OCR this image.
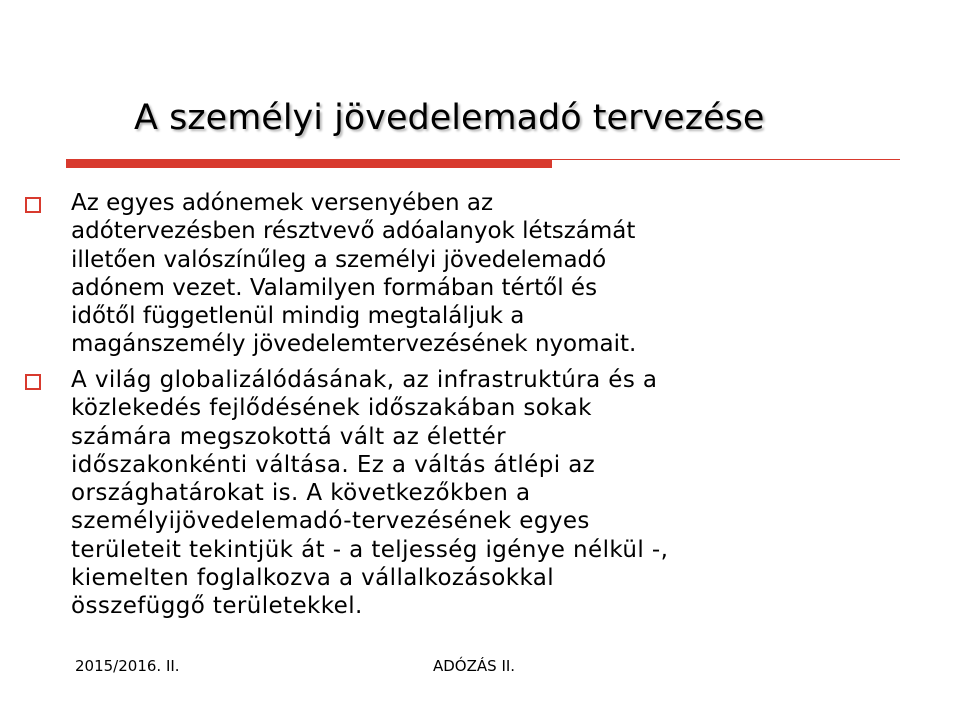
A személyi jövedelemadó tervezése

Az egyes adónemek versenyében az
adótervezésben résztvevő adóalanyok létszámát
illetően valószínűleg a személyi jövedelemadó
adónem vezet. Valamilyen formában tértől és
időtől függetlenül mindig megtaláljuk a
magánszemély jövedelemtervezésének nyomait.

A világ globalizálódásának, az infrastruktúra és a
közlekedés fejlődésének időszakában sokak
számára megszokottá vált az élettér
időszakonkénti váltása. Ez a váltás átlépi az
országhatárokat is. A következőkben a
személyijövedelemadó-tervezésének egyes
területeit tekintjük át - a teljesség igénye nélkül -,
kiemelten foglalkozva a vállalkozásokkal
összefüggő területekkel.

2015/2016. II.	ADÓZÁS II.
